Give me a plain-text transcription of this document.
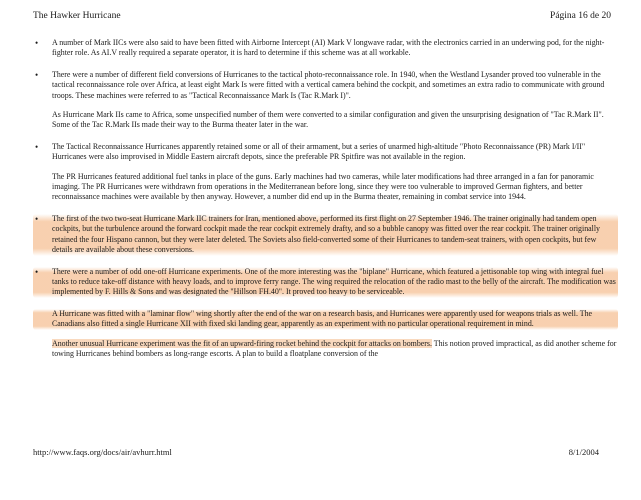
The Hawker Hurricane	Página 16 de 20

• A number of Mark IICs were also said to have been fitted with Airborne Intercept (AI) Mark V longwave radar, with the electronics carried in an underwing pod, for the night-fighter role. As AI.V really required a separate operator, it is hard to determine if this scheme was at all workable.

• There were a number of different field conversions of Hurricanes to the tactical photo-reconnaissance role. In 1940, when the Westland Lysander proved too vulnerable in the tactical reconnaissance role over Africa, at least eight Mark Is were fitted with a vertical camera behind the cockpit, and sometimes an extra radio to communicate with ground troops. These machines were referred to as "Tactical Reconnaissance Mark Is (Tac R.Mark I)".

As Hurricane Mark IIs came to Africa, some unspecified number of them were converted to a similar configuration and given the unsurprising designation of "Tac R.Mark II". Some of the Tac R.Mark IIs made their way to the Burma theater later in the war.

• The Tactical Reconnaissance Hurricanes apparently retained some or all of their armament, but a series of unarmed high-altitude "Photo Reconnaissance (PR) Mark I/II" Hurricanes were also improvised in Middle Eastern aircraft depots, since the preferable PR Spitfire was not available in the region.

The PR Hurricanes featured additional fuel tanks in place of the guns. Early machines had two cameras, while later modifications had three arranged in a fan for panoramic imaging. The PR Hurricanes were withdrawn from operations in the Mediterranean before long, since they were too vulnerable to improved German fighters, and better reconnaissance machines were available by then anyway. However, a number did end up in the Burma theater, remaining in combat service into 1944.

• The first of the two two-seat Hurricane Mark IIC trainers for Iran, mentioned above, performed its first flight on 27 September 1946. The trainer originally had tandem open cockpits, but the turbulence around the forward cockpit made the rear cockpit extremely drafty, and so a bubble canopy was fitted over the rear cockpit. The trainer originally retained the four Hispano cannon, but they were later deleted. The Soviets also field-converted some of their Hurricanes to tandem-seat trainers, with open cockpits, but few details are available about these conversions.

• There were a number of odd one-off Hurricane experiments. One of the more interesting was the "biplane" Hurricane, which featured a jettisonable top wing with integral fuel tanks to reduce take-off distance with heavy loads, and to improve ferry range. The wing required the relocation of the radio mast to the belly of the aircraft. The modification was implemented by F. Hills & Sons and was designated the "Hillson FH.40". It proved too heavy to be serviceable.

A Hurricane was fitted with a "laminar flow" wing shortly after the end of the war on a research basis, and Hurricanes were apparently used for weapons trials as well. The Canadians also fitted a single Hurricane XII with fixed ski landing gear, apparently as an experiment with no particular operational requirement in mind.

Another unusual Hurricane experiment was the fit of an upward-firing rocket behind the cockpit for attacks on bombers. This notion proved impractical, as did another scheme for towing Hurricanes behind bombers as long-range escorts. A plan to build a floatplane conversion of the

http://www.faqs.org/docs/air/avhurr.html	8/1/2004
